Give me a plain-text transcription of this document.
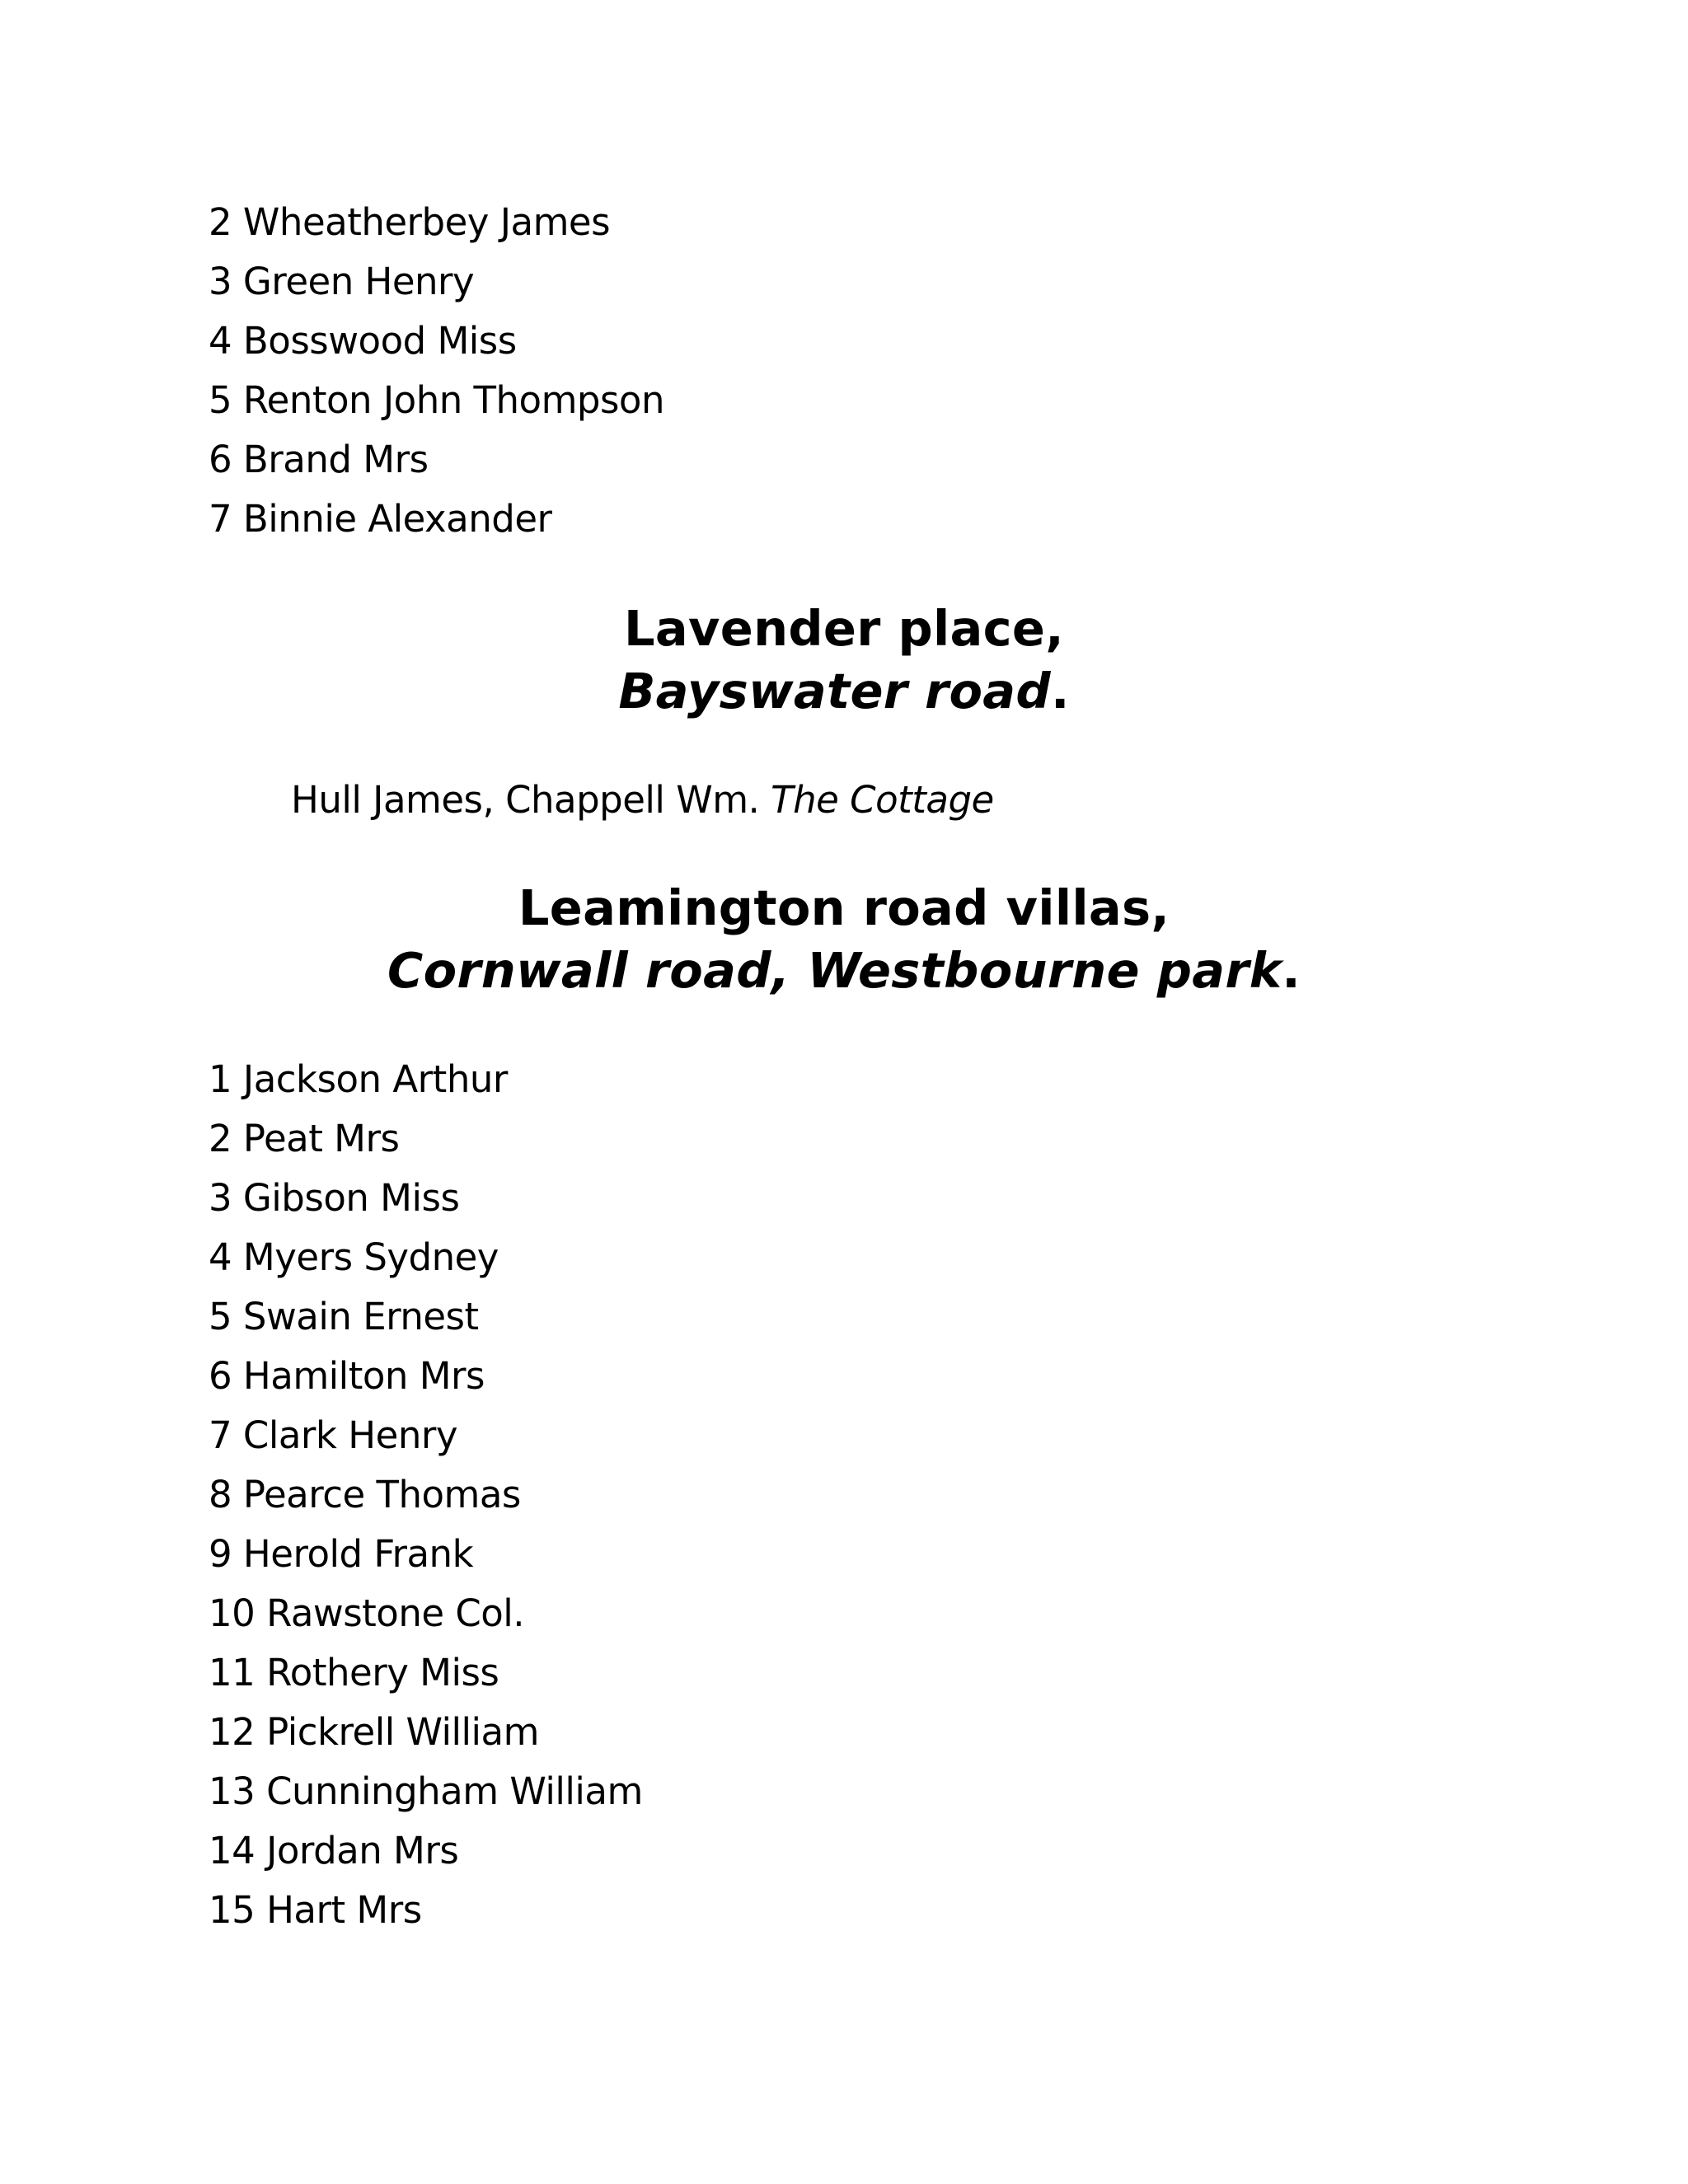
2 Wheatherbey James
3 Green Henry
4 Bosswood Miss
5 Renton John Thompson
6 Brand Mrs
7 Binnie Alexander
Lavender place,
Bayswater road.

Hull James, Chappell Wm. The Cottage

Leamington road villas,
Cornwall road, Westbourne park.
1 Jackson Arthur
2 Peat Mrs
3 Gibson Miss
4 Myers Sydney
5 Swain Ernest
6 Hamilton Mrs
7 Clark Henry
8 Pearce Thomas
9 Herold Frank
10 Rawstone Col.
11 Rothery Miss
12 Pickrell William
13 Cunningham William
14 Jordan Mrs
15 Hart Mrs
